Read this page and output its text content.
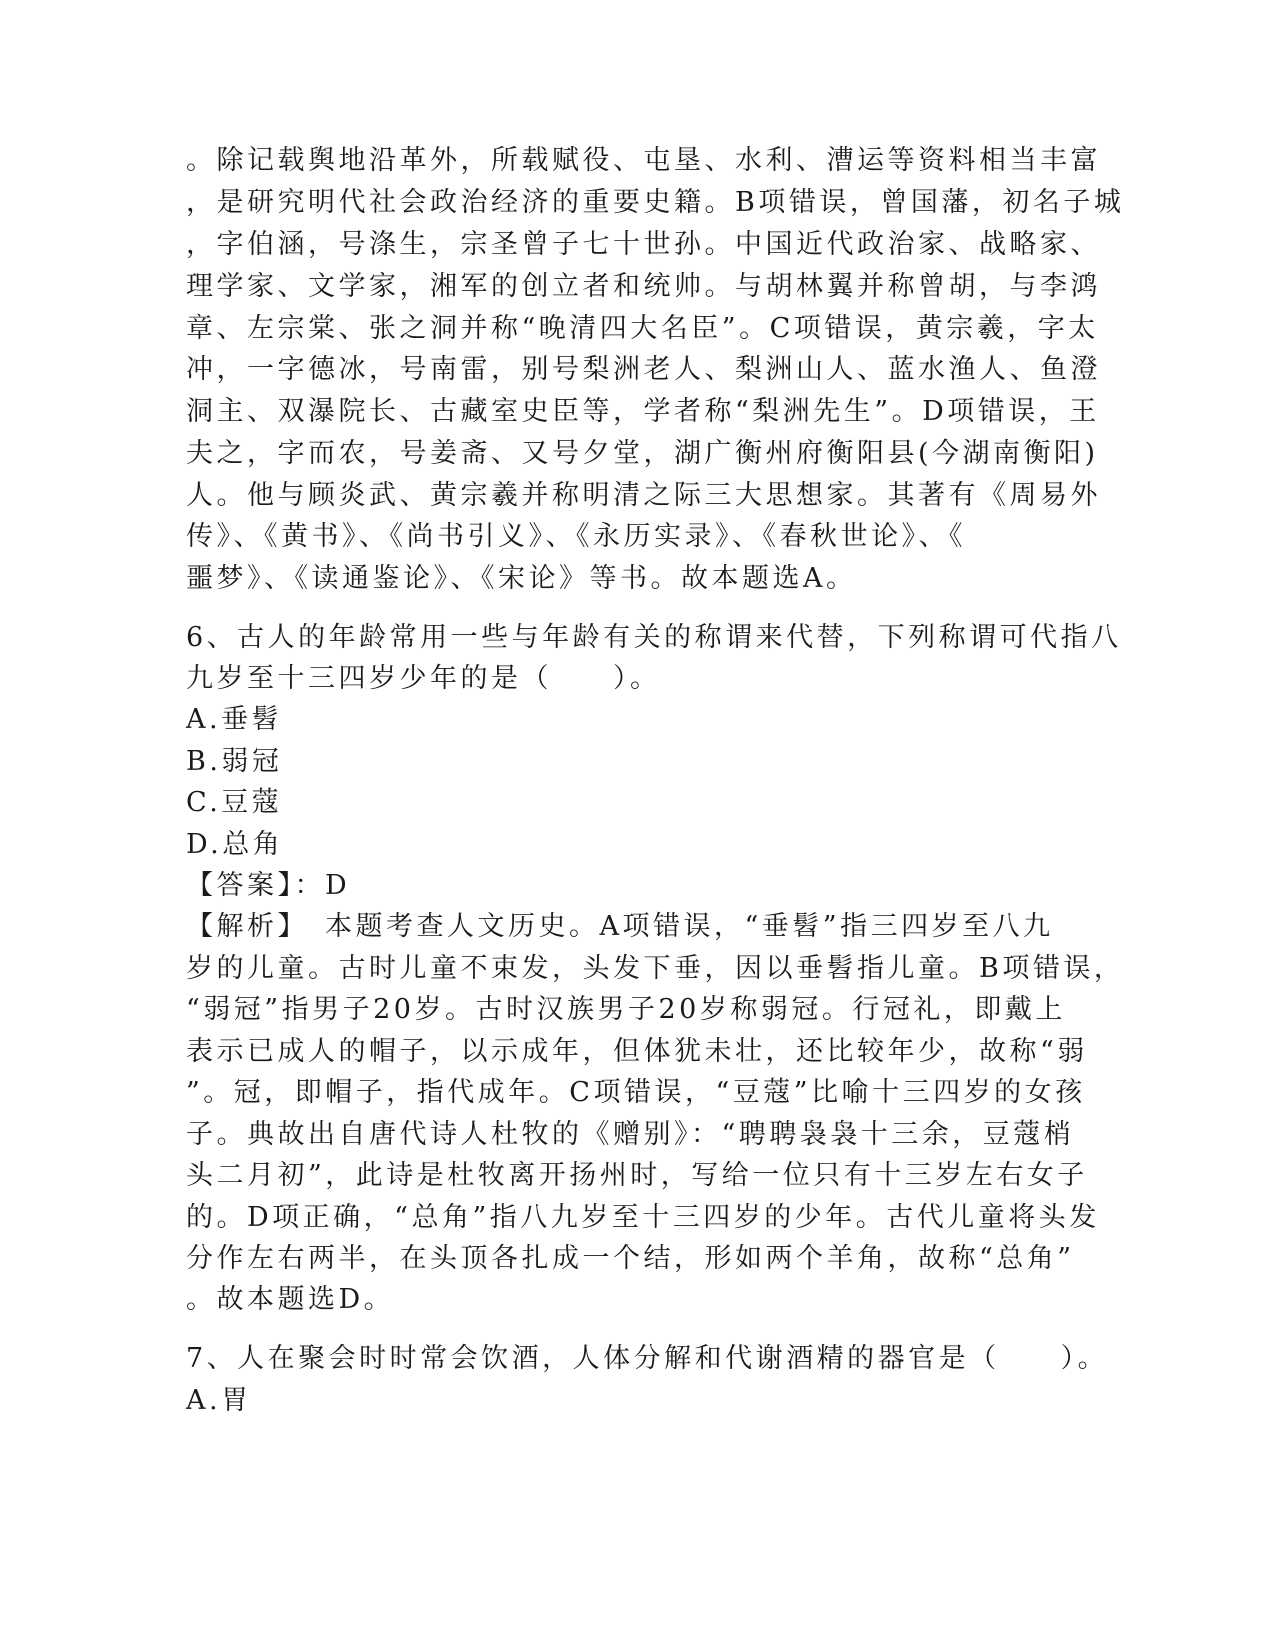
。除记载舆地沿革外，所载赋役、屯垦、水利、漕运等资料相当丰富
，是研究明代社会政治经济的重要史籍。B项错误，曾国藩，初名子城
，字伯涵，号涤生，宗圣曾子七十世孙。中国近代政治家、战略家、
理学家、文学家，湘军的创立者和统帅。与胡林翼并称曾胡，与李鸿
章、左宗棠、张之洞并称“晚清四大名臣”。C项错误，黄宗羲，字太
冲，一字德冰，号南雷，别号梨洲老人、梨洲山人、蓝水渔人、鱼澄
洞主、双瀑院长、古藏室史臣等，学者称“梨洲先生”。D项错误，王
夫之，字而农，号姜斋、又号夕堂，湖广衡州府衡阳县(今湖南衡阳)
人。他与顾炎武、黄宗羲并称明清之际三大思想家。其著有《周易外
传》、《黄书》、《尚书引义》、《永历实录》、《春秋世论》、《
噩梦》、《读通鉴论》、《宋论》等书。故本题选A。
6、古人的年龄常用一些与年龄有关的称谓来代替，下列称谓可代指八
九岁至十三四岁少年的是（　　）。
A.垂髫
B.弱冠
C.豆蔻
D.总角
【答案】：D
【解析】　本题考查人文历史。A项错误，“垂髫”指三四岁至八九
岁的儿童。古时儿童不束发，头发下垂，因以垂髫指儿童。B项错误，
“弱冠”指男子20岁。古时汉族男子20岁称弱冠。行冠礼，即戴上
表示已成人的帽子，以示成年，但体犹未壮，还比较年少，故称“弱
”。冠，即帽子，指代成年。C项错误，“豆蔻”比喻十三四岁的女孩
子。典故出自唐代诗人杜牧的《赠别》：“聘聘袅袅十三余，豆蔻梢
头二月初”，此诗是杜牧离开扬州时，写给一位只有十三岁左右女子
的。D项正确，“总角”指八九岁至十三四岁的少年。古代儿童将头发
分作左右两半，在头顶各扎成一个结，形如两个羊角，故称“总角”
。故本题选D。
7、人在聚会时时常会饮酒，人体分解和代谢酒精的器官是（　　）。
A.胃
